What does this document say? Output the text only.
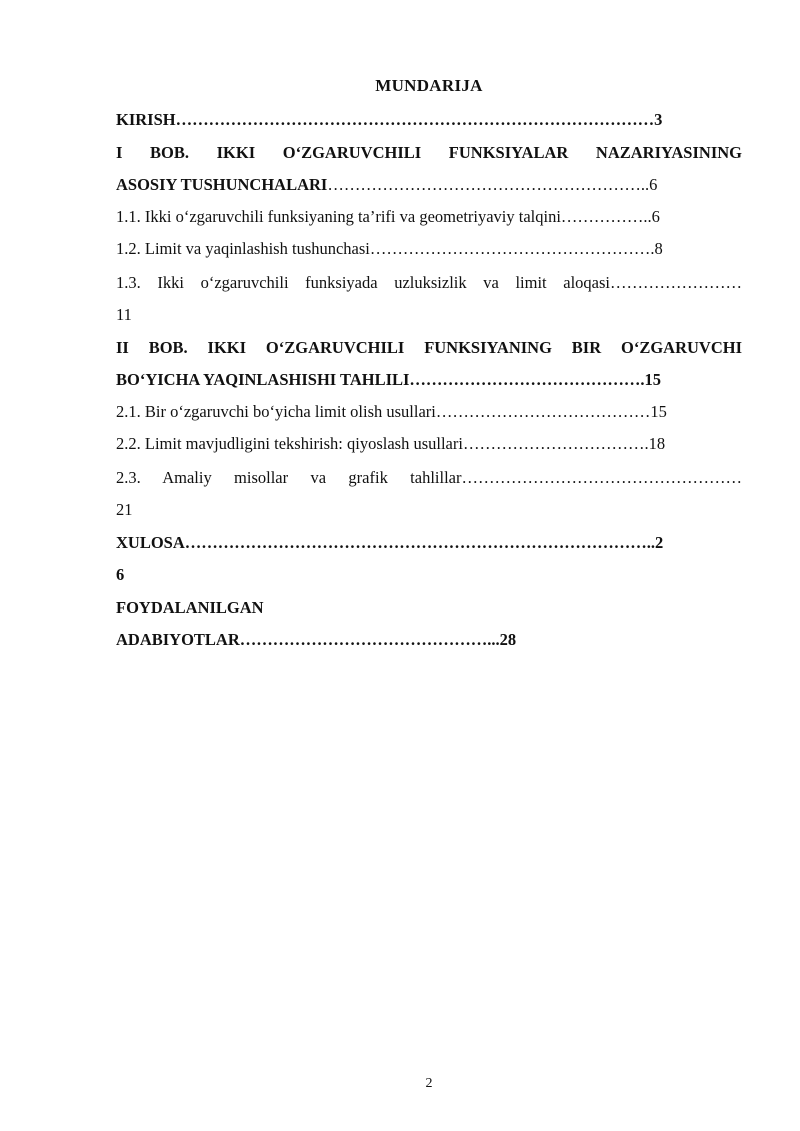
MUNDARIJA
KIRISH……………………………………………………………………………3
I BOB. IKKI O‘ZGARUVCHILI FUNKSIYALAR NAZARIYASINING
ASOSIY TUSHUNCHALARI…………………………………………………..6
1.1. Ikki o‘zgaruvchili funksiyaning ta’rifi va geometriyaviy talqini……………..6
1.2. Limit va yaqinlashish tushunchasi…………………………………………….8
1.3. Ikki o‘zgaruvchili funksiyada uzluksizlik va limit aloqasi……………………
11
II BOB. IKKI O‘ZGARUVCHILI FUNKSIYANING BIR O‘ZGARUVCHI
BO‘YICHA YAQINLASHISHI TAHLILI…………………………………….15
2.1. Bir o‘zgaruvchi bo‘yicha limit olish usullari…………………………………15
2.2. Limit mavjudligini tekshirish: qiyoslash usullari…………………………….18
2.3. Amaliy misollar va grafik tahlillar……………………………………………
21
XULOSA…………………………………………………………………………..2
6
FOYDALANILGAN
ADABIYOTLAR………………………………………...28
2
